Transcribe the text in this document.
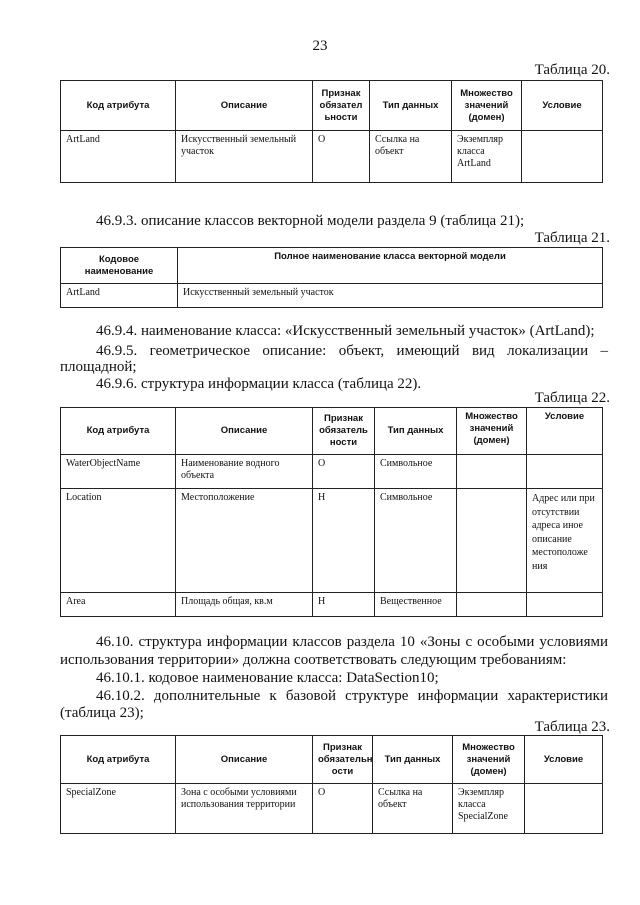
23
Таблица 20.
Код атрибута	Описание	Признак обязател ьности	Тип данных	Множество значений (домен)	Условие
ArtLand	Искусственный земельный участок	О	Ссылка на объект	Экземпляр класса ArtLand	
46.9.3. описание классов векторной модели раздела 9 (таблица 21);
Таблица 21.
Кодовое наименование	Полное наименование класса векторной модели
ArtLand	Искусственный земельный участок
46.9.4. наименование класса: «Искусственный земельный участок» (ArtLand);
46.9.5. геометрическое описание: объект, имеющий вид локализации –
площадной;
46.9.6. структура информации класса (таблица 22).
Таблица 22.
Код атрибута	Описание	Признак обязатель ности	Тип данных	Множество значений (домен)	Условие
WaterObjectName	Наименование водного объекта	О	Символьное		
Location	Местоположение	Н	Символьное		Адрес или при отсутствии адреса иное описание местоположе ния
Area	Площадь общая, кв.м	Н	Вещественное		
46.10. структура информации классов раздела 10 «Зоны с особыми условиями
использования территории» должна соответствовать следующим требованиям:
46.10.1. кодовое наименование класса: DataSection10;
46.10.2. дополнительные к базовой структуре информации характеристики
(таблица 23);
Таблица 23.
Код атрибута	Описание	Признак обязательн ости	Тип данных	Множество значений (домен)	Условие
SpecialZone	Зона с особыми условиями использования территории	О	Ссылка на объект	Экземпляр класса SpecialZone	
